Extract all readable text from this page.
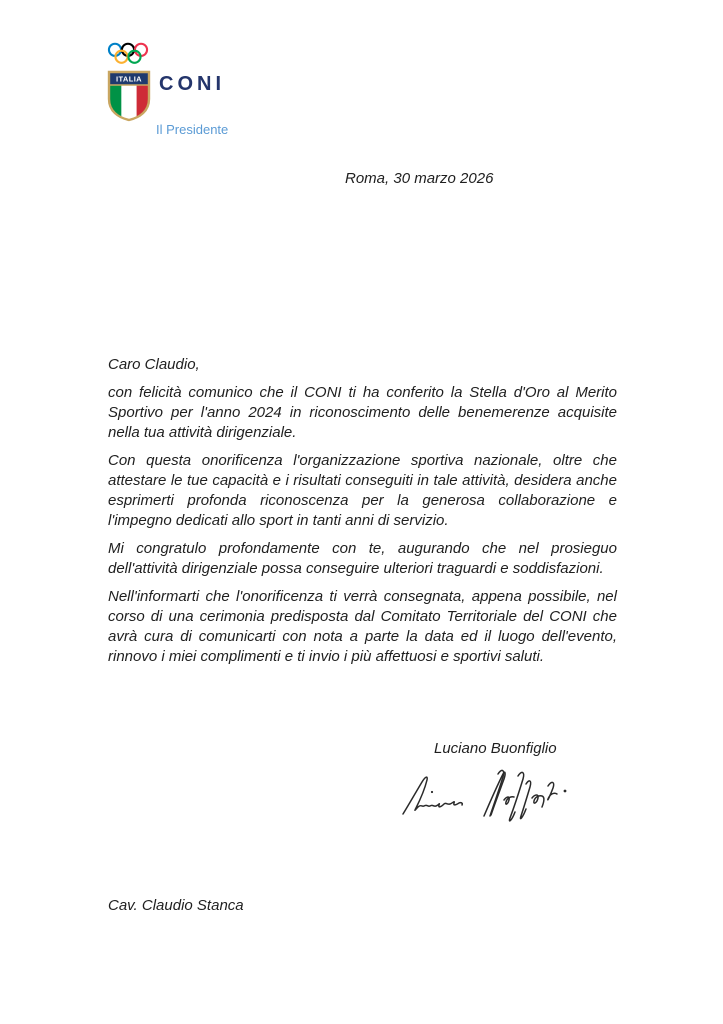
ITALIA CONI
Il Presidente
Roma, 30 marzo 2026

Caro Claudio,

con felicità comunico che il CONI ti ha conferito la Stella d'Oro al Merito Sportivo per l'anno 2024 in riconoscimento delle benemerenze acquisite nella tua attività dirigenziale.

Con questa onorificenza l'organizzazione sportiva nazionale, oltre che attestare le tue capacità e i risultati conseguiti in tale attività, desidera anche esprimerti profonda riconoscenza per la generosa collaborazione e l'impegno dedicati allo sport in tanti anni di servizio.

Mi congratulo profondamente con te, augurando che nel prosieguo dell'attività dirigenziale possa conseguire ulteriori traguardi e soddisfazioni.

Nell'informarti che l'onorificenza ti verrà consegnata, appena possibile, nel corso di una cerimonia predisposta dal Comitato Territoriale del CONI che avrà cura di comunicarti con nota a parte la data ed il luogo dell'evento, rinnovo i miei complimenti e ti invio i più affettuosi e sportivi saluti.

Luciano Buonfiglio
Cav. Claudio Stanca
